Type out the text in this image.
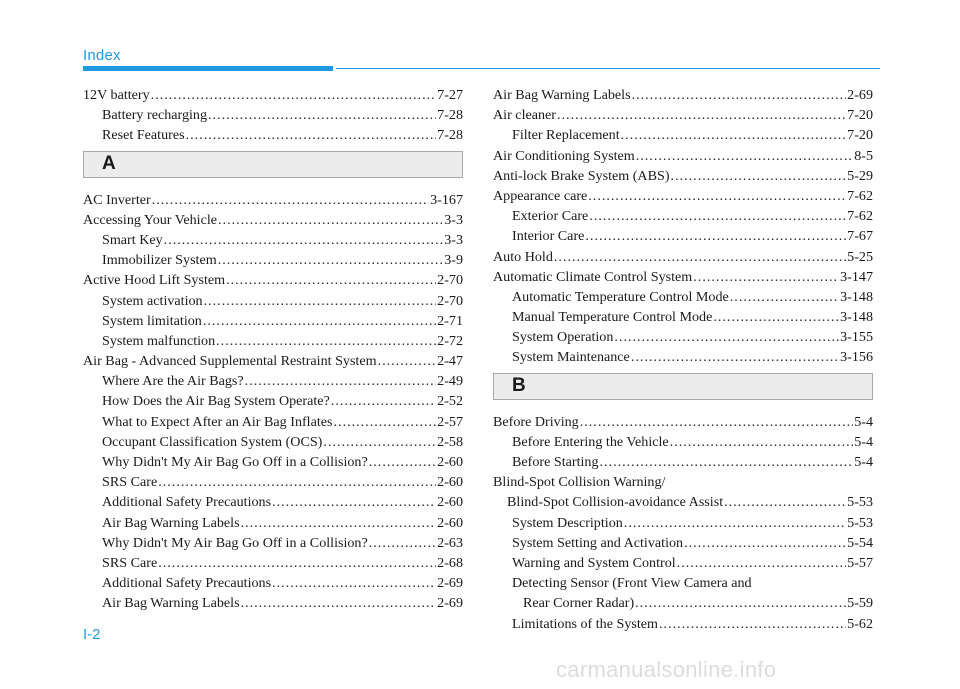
Index
12V battery .....	7-27
Battery recharging .....	7-28
Reset Features .....	7-28
A
AC Inverter .....	3-167
Accessing Your Vehicle .....	3-3
Smart Key .....	3-3
Immobilizer System .....	3-9
Active Hood Lift System .....	2-70
System activation .....	2-70
System limitation .....	2-71
System malfunction .....	2-72
Air Bag - Advanced Supplemental Restraint System .....	2-47
Where Are the Air Bags? .....	2-49
How Does the Air Bag System Operate? .....	2-52
What to Expect After an Air Bag Inflates .....	2-57
Occupant Classification System (OCS) .....	2-58
Why Didn't My Air Bag Go Off in a Collision? .....	2-60
SRS Care .....	2-60
Additional Safety Precautions .....	2-60
Air Bag Warning Labels .....	2-60
Why Didn't My Air Bag Go Off in a Collision? .....	2-63
SRS Care .....	2-68
Additional Safety Precautions .....	2-69
Air Bag Warning Labels .....	2-69
Air Bag Warning Labels .....	2-69
Air cleaner .....	7-20
Filter Replacement .....	7-20
Air Conditioning System .....	8-5
Anti-lock Brake System (ABS) .....	5-29
Appearance care .....	7-62
Exterior Care .....	7-62
Interior Care .....	7-67
Auto Hold .....	5-25
Automatic Climate Control System .....	3-147
Automatic Temperature Control Mode .....	3-148
Manual Temperature Control Mode .....	3-148
System Operation .....	3-155
System Maintenance .....	3-156
B
Before Driving .....	5-4
Before Entering the Vehicle .....	5-4
Before Starting .....	5-4
Blind-Spot Collision Warning/
Blind-Spot Collision-avoidance Assist .....	5-53
System Description .....	5-53
System Setting and Activation .....	5-54
Warning and System Control .....	5-57
Detecting Sensor (Front View Camera and
Rear Corner Radar) .....	5-59
Limitations of the System .....	5-62
I-2
carmanualsonline.info
